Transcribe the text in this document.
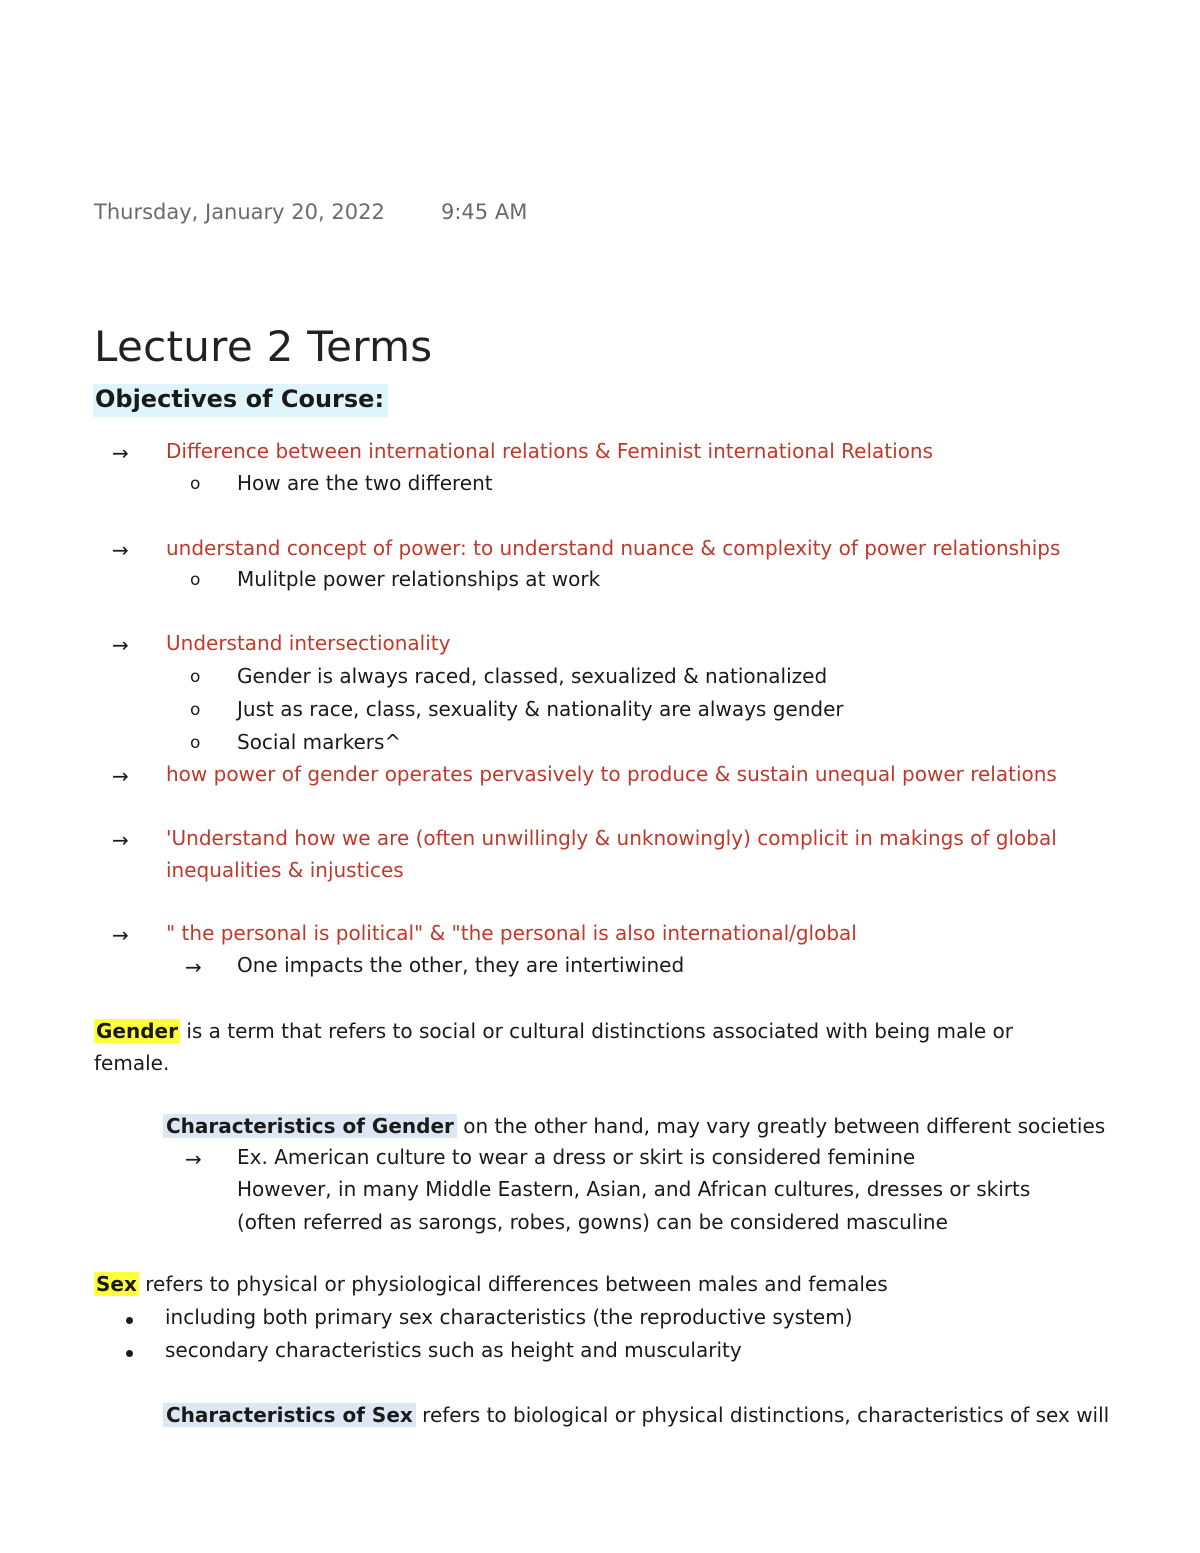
Thursday, January 20, 2022	9:45 AM
Lecture 2 Terms
Objectives of Course:
→ Difference between international relations & Feminist international Relations
o How are the two different
→ understand concept of power: to understand nuance & complexity of power relationships
o Mulitple power relationships at work
→ Understand intersectionality
o Gender is always raced, classed, sexualized & nationalized
o Just as race, class, sexuality & nationality are always gender
o Social markers^
→ how power of gender operates pervasively to produce & sustain unequal power relations
→ 'Understand how we are (often unwillingly & unknowingly) complicit in makings of global
inequalities & injustices
→ " the personal is political" & "the personal is also international/global
→ One impacts the other, they are intertiwined
Gender is a term that refers to social or cultural distinctions associated with being male or
female.
Characteristics of Gender on the other hand, may vary greatly between different societies
→ Ex. American culture to wear a dress or skirt is considered feminine
However, in many Middle Eastern, Asian, and African cultures, dresses or skirts
(often referred as sarongs, robes, gowns) can be considered masculine
Sex refers to physical or physiological differences between males and females
including both primary sex characteristics (the reproductive system)
secondary characteristics such as height and muscularity
Characteristics of Sex refers to biological or physical distinctions, characteristics of sex will
